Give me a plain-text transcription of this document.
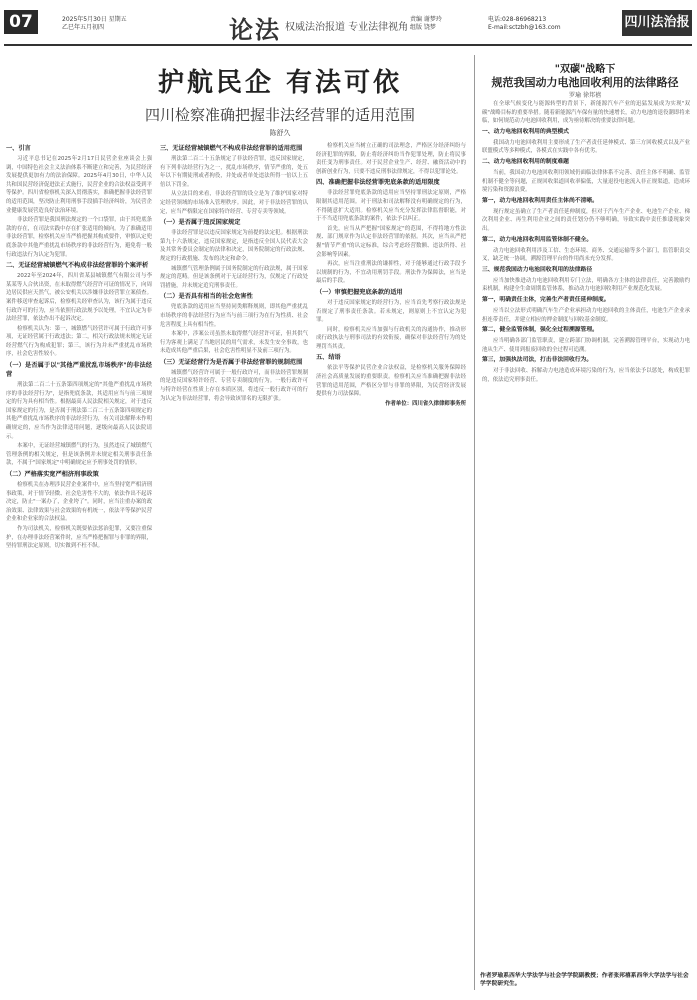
07	2025年5月30日 星期五
乙巳年五月初四	论法 权威法治报道 专业法律视角
责编 谢梦玲
组版 饶梦
电话:028-86968213
E-mail:sctzbh@163.com	四川法治报
护航民企 有法可依
四川检察准确把握非法经营罪的适用范围
陈舒久
一、引言

习近平总书记在2025年2月17日民营企业座谈会上强调，中国特色社会主义法治体系不断建立和完善，为民营经济发展提供更加有力的法治保障。2025年4月30日，中华人民共和国民营经济促进法正式施行，民营企业的合法权益受到平等保护。四川省检察机关深入贯彻落实，准确把握非法经营罪的适用范围，坚决防止利用刑事手段插手经济纠纷，为民营企业健康发展营造良好法治环境。

非法经营罪是我国刑法规定的一个口袋罪，由于其兜底条款的存在，在司法实践中存在扩张适用的倾向。为了准确适用非法经营罪，检察机关应当严格把握其构成要件，审慎认定兜底条款中其他严重扰乱市场秩序的非法经营行为，避免将一般行政违法行为认定为犯罪。

二、无证经营城镇燃气不构成非法经营罪的个案评析

2022年至2024年，四川省某县城镇燃气有限公司与李某某等人合伙出资，在未取得燃气经营许可证的情况下，向周边居民供应天然气，被公安机关以涉嫌非法经营罪立案侦查。案件移送审查起诉后，检察机关经审查认为，该行为属于违反行政许可的行为，应当依照行政法规予以处理，不宜认定为非法经营罪，依法作出不起诉决定。

检察机关认为：第一，城镇燃气经营许可属于行政许可事项，无证经营属于行政违法；第二，相关行政法规未规定无证经营燃气行为构成犯罪；第三，该行为并未严重扰乱市场秩序，社会危害性较小。

（一）是否属于以"其他严重扰乱市场秩序"的非法经营

刑法第二百二十五条第四项规定的"其他严重扰乱市场秩序的非法经营行为"，是指兜底条款，其适用应当与前三项规定的行为具有相当性。根据最高人民法院相关规定，对于违反国家规定的行为，是否属于刑法第二百二十五条第四项规定的其他严重扰乱市场秩序的非法经营行为，有关司法解释未作明确规定的，应当作为法律适用问题，逐级向最高人民法院请示。

本案中，无证经营城镇燃气的行为，虽然违反了城镇燃气管理条例的相关规定，但是该条例并未规定相关刑事责任条款，不属于"国家规定"中明确规定应予刑事处罚的情形。

（二）严格落实宽严相济刑事政策

检察机关在办理涉民营企业案件中，应当坚持宽严相济刑事政策，对于情节轻微、社会危害性不大的，依法作出不起诉决定，防止"一案办了，企业垮了"。同时，应当注重办案的政治效果、法律效果与社会效果的有机统一，依法平等保护民营企业和企业家的合法权益。

作为司法机关，检察机关既要依法惩治犯罪，又要注重保护，在办理非法经营案件时，应当严格把握罪与非罪的界限，坚持罪刑法定原则，切实做到不枉不纵。

三、无证经营城镇燃气不构成非法经营罪的适用范围

刑法第二百二十五条规定了非法经营罪，违反国家规定，有下列非法经营行为之一，扰乱市场秩序，情节严重的，处五年以下有期徒刑或者拘役，并处或者单处违法所得一倍以上五倍以下罚金。

从立法目的来看，非法经营罪的设立是为了维护国家对特定经营领域的市场准入管理秩序。因此，对于非法经营罪的认定，应当严格限定在国家特许经营、专营专卖等领域。

（一）是否属于违反国家规定

非法经营罪是以违反国家规定为前提的法定犯。根据刑法第九十六条规定，违反国家规定，是指违反全国人民代表大会及其常务委员会制定的法律和决定，国务院制定的行政法规、规定的行政措施、发布的决定和命令。

城镇燃气管理条例属于国务院制定的行政法规，属于国家规定的范畴。但是该条例对于无证经营行为，仅规定了行政处罚措施，并未规定追究刑事责任。

（二）是否具有相当的社会危害性

兜底条款的适用应当坚持同类解释规则，即其他严重扰乱市场秩序的非法经营行为应当与前三项行为在行为性质、社会危害程度上具有相当性。

本案中，涉案公司虽然未取得燃气经营许可证，但其供气行为客观上满足了当地居民的用气需求，未发生安全事故，也未造成其他严重后果，社会危害性明显不及前三项行为。

（三）无证经营行为是否属于非法经营罪的规制范围

城镇燃气经营许可属于一般行政许可，而非法经营罪规制的是违反国家特许经营、专营专卖制度的行为。一般行政许可与特许经营在性质上存在本质区别，将违反一般行政许可的行为认定为非法经营罪，将会导致该罪名的无限扩张。

检察机关应当树立正确的司法理念，严格区分经济纠纷与经济犯罪的界限，防止将经济纠纷当作犯罪处理，防止将民事责任变为刑事责任。对于民营企业生产、经营、融资活动中的创新创业行为，只要不违反刑事法律规定，不得以犯罪论处。

四、准确把握非法经营罪兜底条款的适用限度

非法经营罪兜底条款的适用应当坚持罪刑法定原则，严格限制其适用范围。对于刑法和司法解释没有明确规定的行为，不得随意扩大适用。检察机关应当充分发挥法律监督职能，对于不当适用兜底条款的案件，依法予以纠正。

首先，应当从严把握"国家规定"的范围，不得将地方性法规、部门规章作为认定非法经营罪的依据。其次，应当从严把握"情节严重"的认定标准，综合考虑经营数额、违法所得、社会影响等因素。

再次，应当注重刑法的谦抑性，对于能够通过行政手段予以规制的行为，不宜动用刑罚手段。刑法作为保障法，应当是最后的手段。

（一）审慎把握兜底条款的适用

对于违反国家规定的经营行为，应当首先考察行政法规是否规定了刑事责任条款。若未规定，则原则上不宜认定为犯罪。

同时，检察机关应当加强与行政机关的沟通协作，推动形成行政执法与刑事司法的有效衔接，确保对非法经营行为的处理罚当其责。

五、结语

依法平等保护民营企业合法权益，是检察机关服务保障经济社会高质量发展的重要职责。检察机关应当准确把握非法经营罪的适用范围，严格区分罪与非罪的界限，为民营经济发展提供有力司法保障。

作者单位：四川省久律律师事务所

"双碳"战略下
规范我国动力电池回收利用的法律路径
罗瑜 徐邦禧

在全球气候变化与能源转型的背景下，新能源汽车产业的迅猛发展成为实现"双碳"战略目标的重要举措。随着新能源汽车保有量的快速增长，动力电池的退役潮即将来临，如何规范动力电池回收利用，成为亟待解决的重要法律问题。

一、动力电池回收利用的典型模式

我国动力电池回收利用主要形成了生产者责任延伸模式、第三方回收模式以及产业联盟模式等多种模式，各模式在实践中各有优劣。

二、动力电池回收利用的制度难题

当前，我国动力电池回收利用领域仍面临法律体系不完善、责任主体不明确、监管机制不健全等问题，正规回收渠道回收率偏低，大量退役电池流入非正规渠道，造成环境污染和资源浪费。

第一，动力电池回收利用责任主体尚不清晰。

现行规定虽确立了生产者责任延伸制度，但对于汽车生产企业、电池生产企业、梯次利用企业、再生利用企业之间的责任划分仍不够明确，导致实践中责任推诿现象突出。

第二，动力电池回收利用监管体制不健全。

动力电池回收利用涉及工信、生态环境、商务、交通运输等多个部门，监管职责交叉，缺乏统一协调，溯源管理平台的作用尚未充分发挥。

三、规范我国动力电池回收利用的法律路径

应当加快推进动力电池回收利用专门立法，明确各方主体的法律责任，完善激励约束机制，构建全生命周期监管体系，推动动力电池回收利用产业规范化发展。

第一，明确责任主体，完善生产者责任延伸制度。

应当以立法形式明确汽车生产企业承担动力电池回收的主体责任，电池生产企业承担连带责任，并建立相应的押金制度与回收基金制度。

第二，健全监管体制，强化全过程溯源管理。

应当明确各部门监管职责，建立跨部门协调机制，完善溯源管理平台，实现动力电池从生产、使用到报废回收的全过程可追溯。

第三，加强执法司法，打击非法回收行为。

对于非法回收、拆解动力电池造成环境污染的行为，应当依法予以惩处，构成犯罪的，依法追究刑事责任。

作者罗瑜系西华大学法学与社会学学院副教授；作者张邦禧系西华大学法学与社会学学院研究生。
